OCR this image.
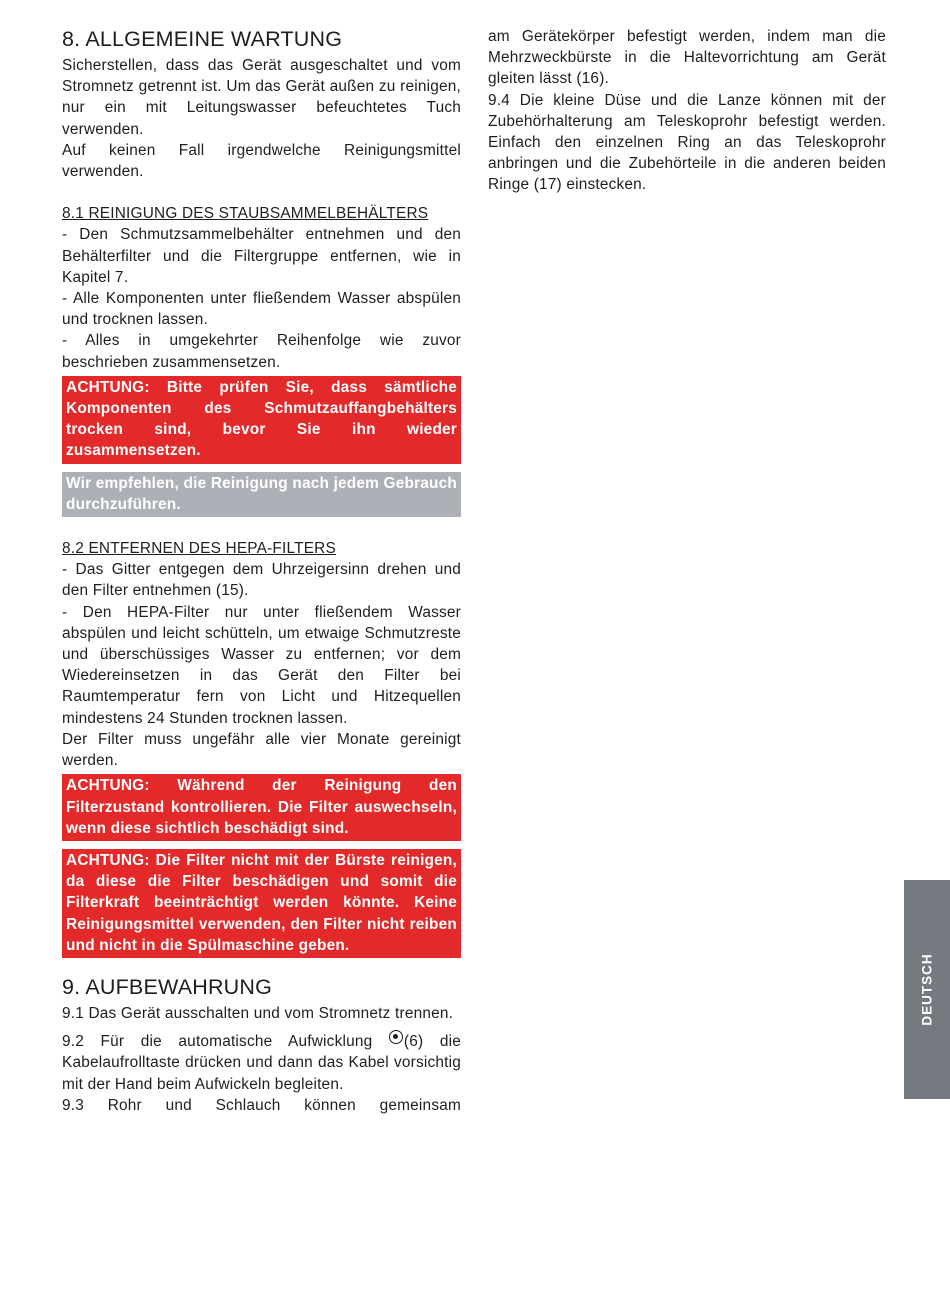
8. ALLGEMEINE WARTUNG

Sicherstellen, dass das Gerät ausgeschaltet und vom Stromnetz getrennt ist. Um das Gerät außen zu reinigen, nur ein mit Leitungswasser befeuchtetes Tuch verwenden.

Auf keinen Fall irgendwelche Reinigungsmittel verwenden.

8.1 REINIGUNG DES STAUBSAMMELBEHÄLTERS

- Den Schmutzsammelbehälter entnehmen und den Behälterfilter und die Filtergruppe entfernen, wie in Kapitel 7.

- Alle Komponenten unter fließendem Wasser abspülen und trocknen lassen.

- Alles in umgekehrter Reihenfolge wie zuvor beschrieben zusammensetzen.

ACHTUNG: Bitte prüfen Sie, dass sämtliche Komponenten des Schmutzauffangbehälters trocken sind, bevor Sie ihn wieder zusammensetzen.

Wir empfehlen, die Reinigung nach jedem Gebrauch durchzuführen.

8.2 ENTFERNEN DES HEPA-FILTERS

- Das Gitter entgegen dem Uhrzeigersinn drehen und den Filter entnehmen (15).

- Den HEPA-Filter nur unter fließendem Wasser abspülen und leicht schütteln, um etwaige Schmutzreste und überschüssiges Wasser zu entfernen; vor dem Wiedereinsetzen in das Gerät den Filter bei Raumtemperatur fern von Licht und Hitzequellen mindestens 24 Stunden trocknen lassen.

Der Filter muss ungefähr alle vier Monate gereinigt werden.

ACHTUNG: Während der Reinigung den Filterzustand kontrollieren. Die Filter auswechseln, wenn diese sichtlich beschädigt sind.

ACHTUNG: Die Filter nicht mit der Bürste reinigen, da diese die Filter beschädigen und somit die Filterkraft beeinträchtigt werden könnte. Keine Reinigungsmittel verwenden, den Filter nicht reiben und nicht in die Spülmaschine geben.

9. AUFBEWAHRUNG

9.1 Das Gerät ausschalten und vom Stromnetz trennen.

9.2 Für die automatische Aufwicklung (6) die Kabelaufrolltaste drücken und dann das Kabel vorsichtig mit der Hand beim Aufwickeln begleiten.

9.3 Rohr und Schlauch können gemeinsam

am Gerätekörper befestigt werden, indem man die Mehrzweckbürste in die Haltevorrichtung am Gerät gleiten lässt (16).

9.4 Die kleine Düse und die Lanze können mit der Zubehörhalterung am Teleskoprohr befestigt werden. Einfach den einzelnen Ring an das Teleskoprohr anbringen und die Zubehörteile in die anderen beiden Ringe (17) einstecken.

DEUTSCH
